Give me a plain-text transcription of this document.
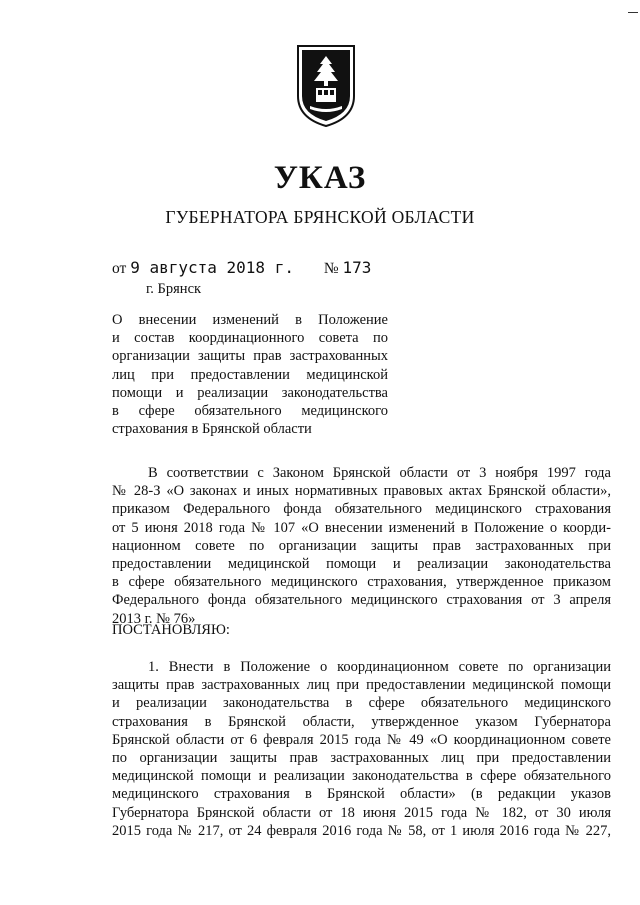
УКАЗ
ГУБЕРНАТОРА БРЯНСКОЙ ОБЛАСТИ
от 9 августа 2018 г. № 173
г. Брянск
О внесении изменений в Положение
и состав координационного совета по
организации защиты прав застрахованных
лиц при предоставлении медицинской
помощи и реализации законодательства
в сфере обязательного медицинского
страхования в Брянской области
В соответствии с Законом Брянской области от 3 ноября 1997 года
№ 28-З «О законах и иных нормативных правовых актах Брянской области»,
приказом Федерального фонда обязательного медицинского страхования
от 5 июня 2018 года № 107 «О внесении изменений в Положение о коорди-
национном совете по организации защиты прав застрахованных при
предоставлении медицинской помощи и реализации законодательства
в сфере обязательного медицинского страхования, утвержденное приказом
Федерального фонда обязательного медицинского страхования от 3 апреля
2013 г. № 76»
ПОСТАНОВЛЯЮ:
1. Внести в Положение о координационном совете по организации
защиты прав застрахованных лиц при предоставлении медицинской помощи
и реализации законодательства в сфере обязательного медицинского
страхования в Брянской области, утвержденное указом Губернатора
Брянской области от 6 февраля 2015 года № 49 «О координационном совете
по организации защиты прав застрахованных лиц при предоставлении
медицинской помощи и реализации законодательства в сфере обязательного
медицинского страхования в Брянской области» (в редакции указов
Губернатора Брянской области от 18 июня 2015 года № 182, от 30 июля
2015 года № 217, от 24 февраля 2016 года № 58, от 1 июля 2016 года № 227,
